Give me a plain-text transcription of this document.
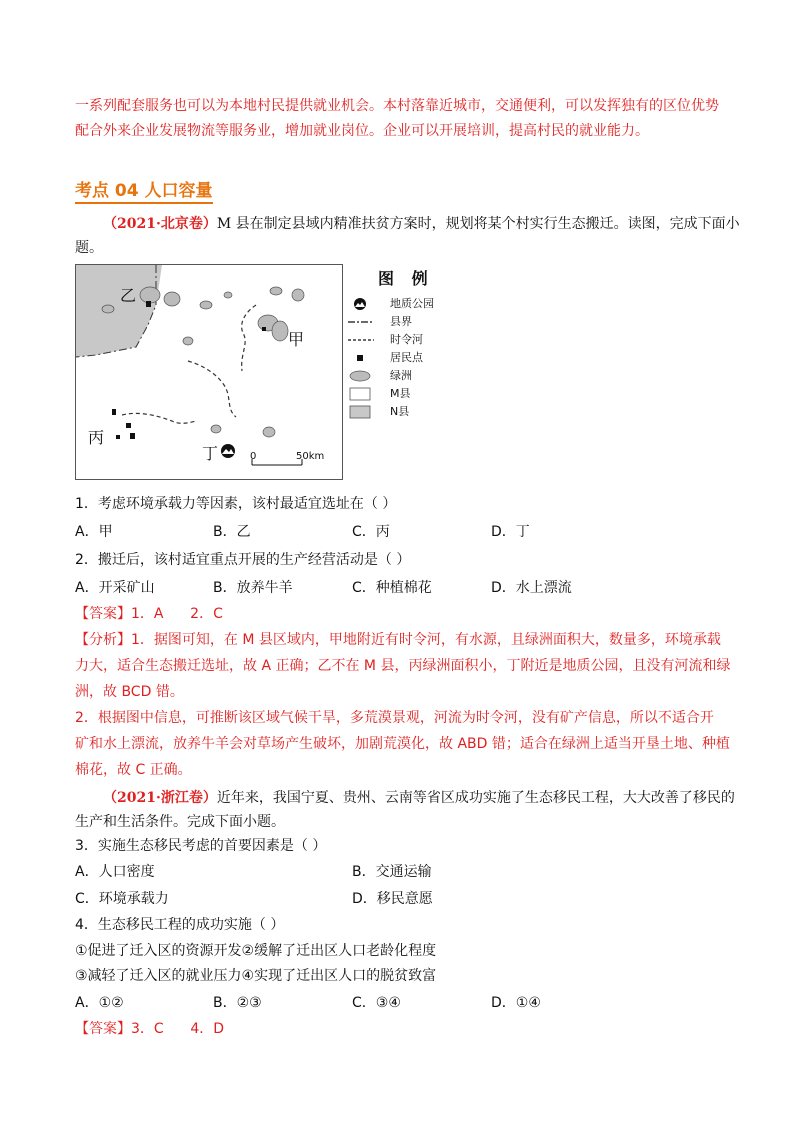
一系列配套服务也可以为本地村民提供就业机会。本村落靠近城市，交通便利，可以发挥独有的区位优势
配合外来企业发展物流等服务业，增加就业岗位。企业可以开展培训，提高村民的就业能力。
考点 04 人口容量
（2021·北京卷）M 县在制定县域内精准扶贫方案时，规划将某个村实行生态搬迁。读图，完成下面小
题。
乙
甲
丙
丁	0	50km
图 例
地质公园
县界
时令河
居民点
绿洲
M县
N县
1．考虑环境承载力等因素，该村最适宜选址在（ ）
A．甲	B．乙	C．丙	D．丁
2．搬迁后，该村适宜重点开展的生产经营活动是（ ）
A．开采矿山	B．放养牛羊	C．种植棉花	D．水上漂流
【答案】1．A      2．C
【分析】1．据图可知，在 M 县区域内，甲地附近有时令河，有水源，且绿洲面积大，数量多，环境承载
力大，适合生态搬迁选址，故 A 正确；乙不在 M 县，丙绿洲面积小，丁附近是地质公园，且没有河流和绿
洲，故 BCD 错。
2．根据图中信息，可推断该区域气候干旱，多荒漠景观，河流为时令河，没有矿产信息，所以不适合开
矿和水上漂流，放养牛羊会对草场产生破坏，加剧荒漠化，故 ABD 错；适合在绿洲上适当开垦土地、种植
棉花，故 C 正确。
（2021·浙江卷）近年来，我国宁夏、贵州、云南等省区成功实施了生态移民工程，大大改善了移民的
生产和生活条件。完成下面小题。
3．实施生态移民考虑的首要因素是（ ）
A．人口密度	B．交通运输
C．环境承载力	D．移民意愿
4．生态移民工程的成功实施（ ）
①促进了迁入区的资源开发②缓解了迁出区人口老龄化程度
③减轻了迁入区的就业压力④实现了迁出区人口的脱贫致富
A．①②	B．②③	C．③④	D．①④
【答案】3．C      4．D
